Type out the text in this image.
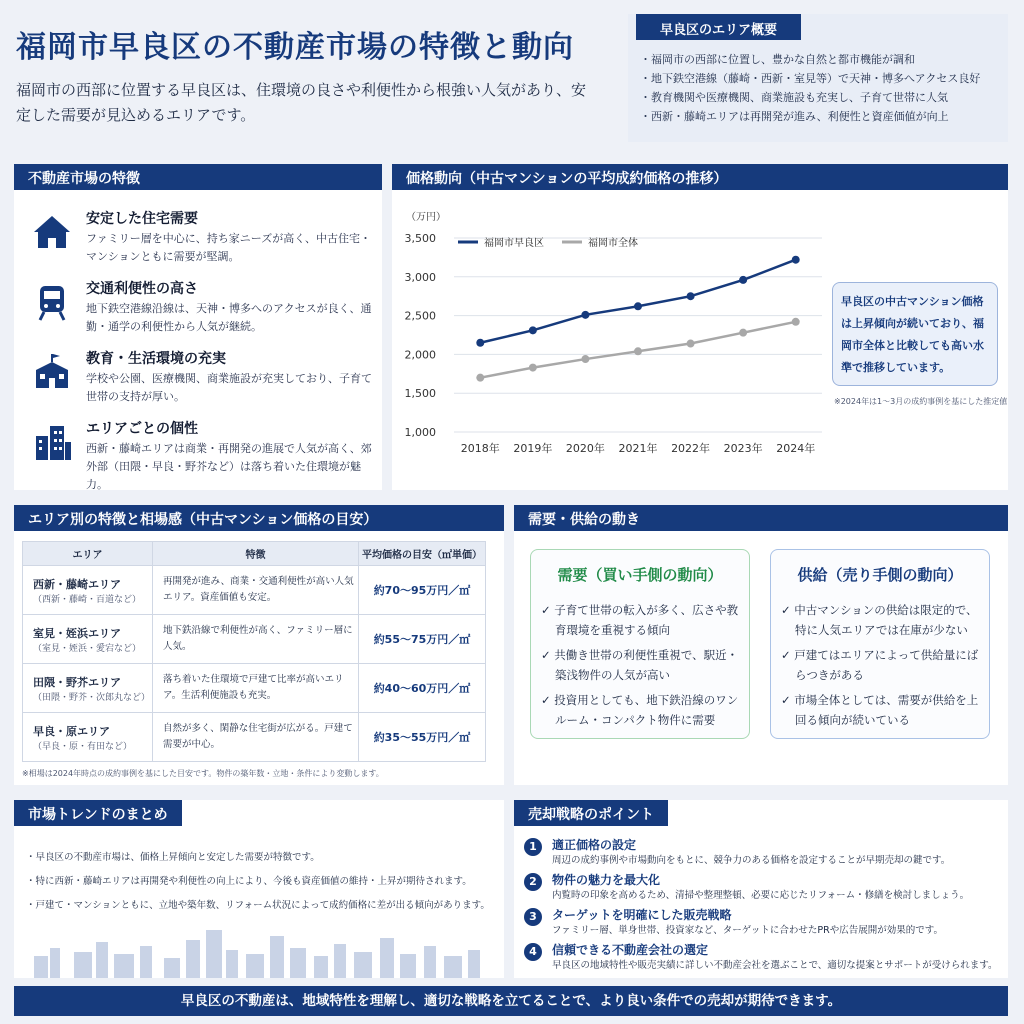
福岡市早良区の不動産市場の特徴と動向

福岡市の西部に位置する早良区は、住環境の良さや利便性から根強い人気があり、安定した需要が見込めるエリアです。

早良区のエリア概要
・ 福岡市の西部に位置し、豊かな自然と都市機能が調和
・ 地下鉄空港線（藤崎・西新・室見等）で天神・博多へアクセス良好
・ 教育機関や医療機関、商業施設も充実し、子育て世帯に人気
・ 西新・藤崎エリアは再開発が進み、利便性と資産価値が向上
不動産市場の特徴
安定した住宅需要

ファミリー層を中心に、持ち家ニーズが高く、中古住宅・マンションともに需要が堅調。

交通利便性の高さ

地下鉄空港線沿線は、天神・博多へのアクセスが良く、通勤・通学の利便性から人気が継続。

教育・生活環境の充実

学校や公園、医療機関、商業施設が充実しており、子育て世帯の支持が厚い。

エリアごとの個性

西新・藤崎エリアは商業・再開発の進展で人気が高く、郊外部（田隈・早良・野芥など）は落ち着いた住環境が魅力。

価格動向（中古マンションの平均成約価格の推移）
（万円）
1,000
1,500
2,000
2,500
3,000
3,500
2018年 2019年 2020年 2021年 2022年 2023年 2024年
福岡市早良区	福岡市全体
早良区の中古マンション価格は上昇傾向が続いており、福岡市全体と比較しても高い水準で推移しています。
※2024年は1〜3月の成約事例を基にした推定値
エリア別の特徴と相場感（中古マンション価格の目安）
エリア	特徴	平均価格の目安（㎡単価）

西新・藤崎エリア
（西新・藤崎・百道など）	再開発が進み、商業・交通利便性が高い人気エリア。資産価値も安定。	約70〜95万円／㎡

室見・姪浜エリア
（室見・姪浜・愛宕など）	地下鉄沿線で利便性が高く、ファミリー層に人気。	約55〜75万円／㎡

田隈・野芥エリア
（田隈・野芥・次郎丸など）	落ち着いた住環境で戸建て比率が高いエリア。生活利便施設も充実。	約40〜60万円／㎡

早良・原エリア
（早良・原・有田など）	自然が多く、閑静な住宅街が広がる。戸建て需要が中心。	約35〜55万円／㎡
※相場は2024年時点の成約事例を基にした目安です。物件の築年数・立地・条件により変動します。
需要・供給の動き
需要（買い手側の動向）
✓ 子育て世帯の転入が多く、広さや教育環境を重視する傾向
✓ 共働き世帯の利便性重視で、駅近・築浅物件の人気が高い
✓ 投資用としても、地下鉄沿線のワンルーム・コンパクト物件に需要
供給（売り手側の動向）
✓ 中古マンションの供給は限定的で、特に人気エリアでは在庫が少ない
✓ 戸建てはエリアによって供給量にばらつきがある
✓ 市場全体としては、需要が供給を上回る傾向が続いている
市場トレンドのまとめ
・ 早良区の不動産市場は、価格上昇傾向と安定した需要が特徴です。
・ 特に西新・藤崎エリアは再開発や利便性の向上により、今後も資産価値の維持・上昇が期待されます。
・ 戸建て・マンションともに、立地や築年数、リフォーム状況によって成約価格に差が出る傾向があります。
売却戦略のポイント
1	適正価格の設定

周辺の成約事例や市場動向をもとに、競争力のある価格を設定することが早期売却の鍵です。

2	物件の魅力を最大化

内覧時の印象を高めるため、清掃や整理整頓、必要に応じたリフォーム・修繕を検討しましょう。

3	ターゲットを明確にした販売戦略

ファミリー層、単身世帯、投資家など、ターゲットに合わせたPRや広告展開が効果的です。

4	信頼できる不動産会社の選定

早良区の地域特性や販売実績に詳しい不動産会社を選ぶことで、適切な提案とサポートが受けられます。

早良区の不動産は、地域特性を理解し、適切な戦略を立てることで、より良い条件での売却が期待できます。
